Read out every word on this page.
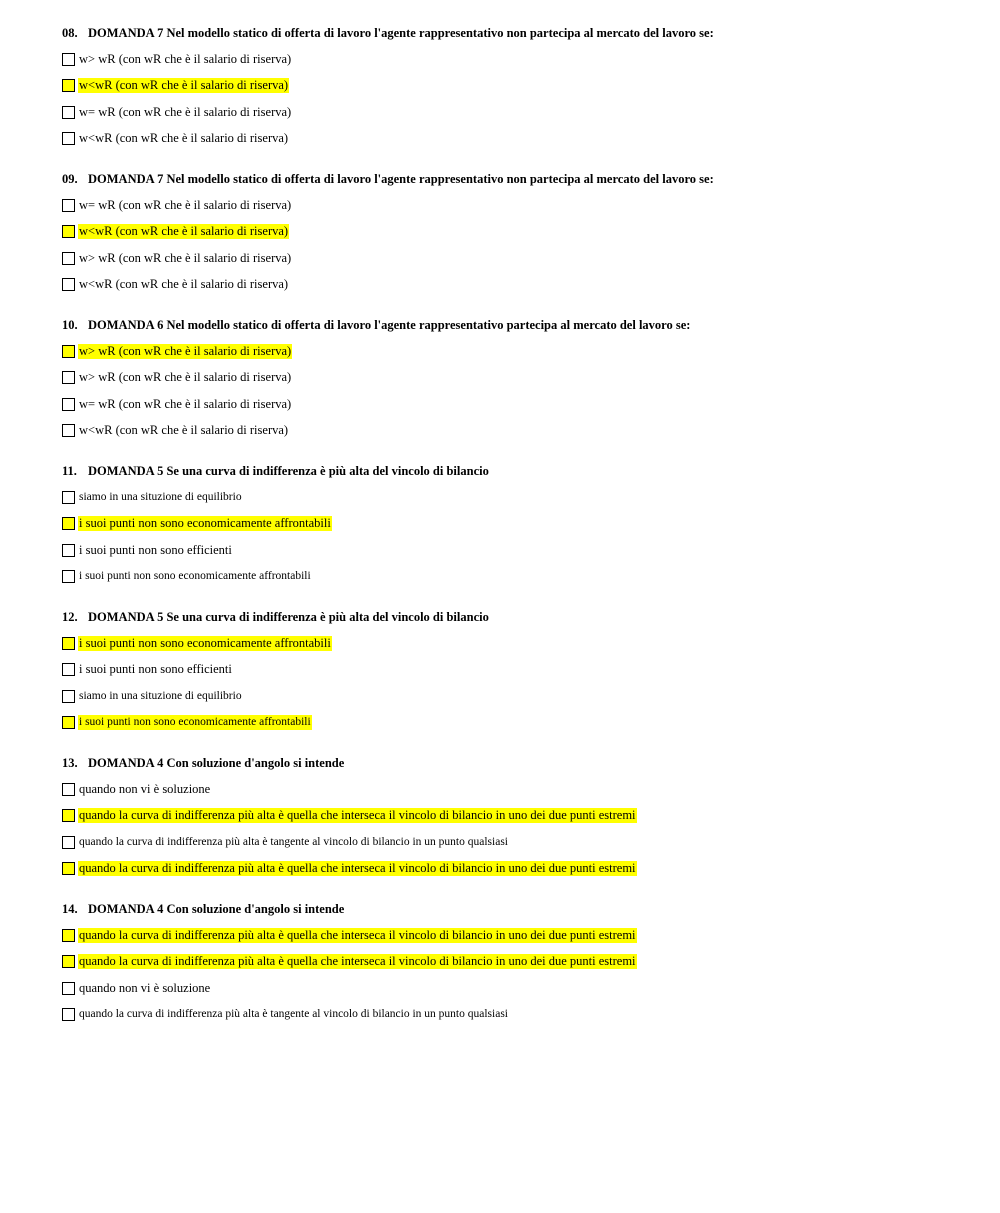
08. DOMANDA 7 Nel modello statico di offerta di lavoro l'agente rappresentativo non partecipa al mercato del lavoro se:
w> wR (con wR che è il salario di riserva)
w<wR (con wR che è il salario di riserva)
w= wR (con wR che è il salario di riserva)
w<wR (con wR che è il salario di riserva)
09. DOMANDA 7 Nel modello statico di offerta di lavoro l'agente rappresentativo non partecipa al mercato del lavoro se:
w= wR (con wR che è il salario di riserva)
w<wR (con wR che è il salario di riserva)
w> wR (con wR che è il salario di riserva)
w<wR (con wR che è il salario di riserva)
10. DOMANDA 6 Nel modello statico di offerta di lavoro l'agente rappresentativo partecipa al mercato del lavoro se:
w> wR (con wR che è il salario di riserva)
w> wR (con wR che è il salario di riserva)
w= wR (con wR che è il salario di riserva)
w<wR (con wR che è il salario di riserva)
11. DOMANDA 5 Se una curva di indifferenza è più alta del vincolo di bilancio
siamo in una situzione di equilibrio
i suoi punti non sono economicamente affrontabili
i suoi punti non sono efficienti
i suoi punti non sono economicamente affrontabili
12. DOMANDA 5 Se una curva di indifferenza è più alta del vincolo di bilancio
i suoi punti non sono economicamente affrontabili
i suoi punti non sono efficienti
siamo in una situzione di equilibrio
i suoi punti non sono economicamente affrontabili
13. DOMANDA 4 Con soluzione d'angolo si intende
quando non vi è soluzione
quando la curva di indifferenza più alta è quella che interseca il vincolo di bilancio in uno dei due punti estremi
quando la curva di indifferenza più alta è tangente al vincolo di bilancio in un punto qualsiasi
quando la curva di indifferenza più alta è quella che interseca il vincolo di bilancio in uno dei due punti estremi
14. DOMANDA 4 Con soluzione d'angolo si intende
quando la curva di indifferenza più alta è quella che interseca il vincolo di bilancio in uno dei due punti estremi
quando la curva di indifferenza più alta è quella che interseca il vincolo di bilancio in uno dei due punti estremi
quando non vi è soluzione
quando la curva di indifferenza più alta è tangente al vincolo di bilancio in un punto qualsiasi
